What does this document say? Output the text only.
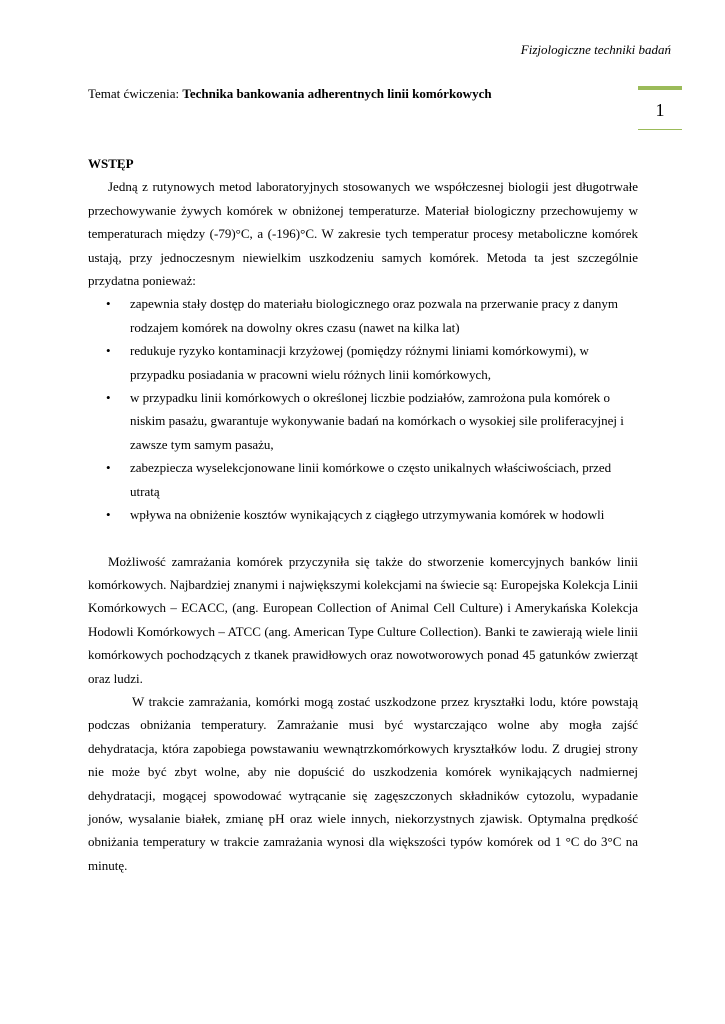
Fizjologiczne techniki badań
1
Temat ćwiczenia: Technika bankowania adherentnych linii komórkowych

WSTĘP

Jedną z rutynowych metod laboratoryjnych stosowanych we współczesnej biologii jest długotrwałe przechowywanie żywych komórek w obniżonej temperaturze. Materiał biologiczny przechowujemy w temperaturach między (-79)°C, a (-196)°C. W zakresie tych temperatur procesy metaboliczne komórek ustają, przy jednoczesnym niewielkim uszkodzeniu samych komórek. Metoda ta jest szczególnie przydatna ponieważ:

• zapewnia stały dostęp do materiału biologicznego oraz pozwala na przerwanie pracy z danym rodzajem komórek na dowolny okres czasu (nawet na kilka lat)
• redukuje ryzyko kontaminacji krzyżowej (pomiędzy różnymi liniami komórkowymi), w przypadku posiadania w pracowni wielu różnych linii komórkowych,
• w przypadku linii komórkowych o określonej liczbie podziałów, zamrożona pula komórek o niskim pasażu, gwarantuje wykonywanie badań na komórkach o wysokiej sile proliferacyjnej i zawsze tym samym pasażu,
• zabezpiecza wyselekcjonowane linii komórkowe o często unikalnych właściwościach, przed utratą
• wpływa na obniżenie kosztów wynikających z ciągłego utrzymywania komórek w hodowli

Możliwość zamrażania komórek przyczyniła się także do stworzenie komercyjnych banków linii komórkowych. Najbardziej znanymi i największymi kolekcjami na świecie są: Europejska Kolekcja Linii Komórkowych – ECACC, (ang. European Collection of Animal Cell Culture) i Amerykańska Kolekcja Hodowli Komórkowych – ATCC (ang. American Type Culture Collection). Banki te zawierają wiele linii komórkowych pochodzących z tkanek prawidłowych oraz nowotworowych ponad 45 gatunków zwierząt oraz ludzi.

W trakcie zamrażania, komórki mogą zostać uszkodzone przez kryształki lodu, które powstają podczas obniżania temperatury. Zamrażanie musi być wystarczająco wolne aby mogła zajść dehydratacja, która zapobiega powstawaniu wewnątrzkomórkowych kryształków lodu. Z drugiej strony nie może być zbyt wolne, aby nie dopuścić do uszkodzenia komórek wynikających nadmiernej dehydratacji, mogącej spowodować wytrącanie się zagęszczonych składników cytozolu, wypadanie jonów, wysalanie białek, zmianę pH oraz wiele innych, niekorzystnych zjawisk. Optymalna prędkość obniżania temperatury w trakcie zamrażania wynosi dla większości typów komórek od 1 °C do 3°C na minutę.
